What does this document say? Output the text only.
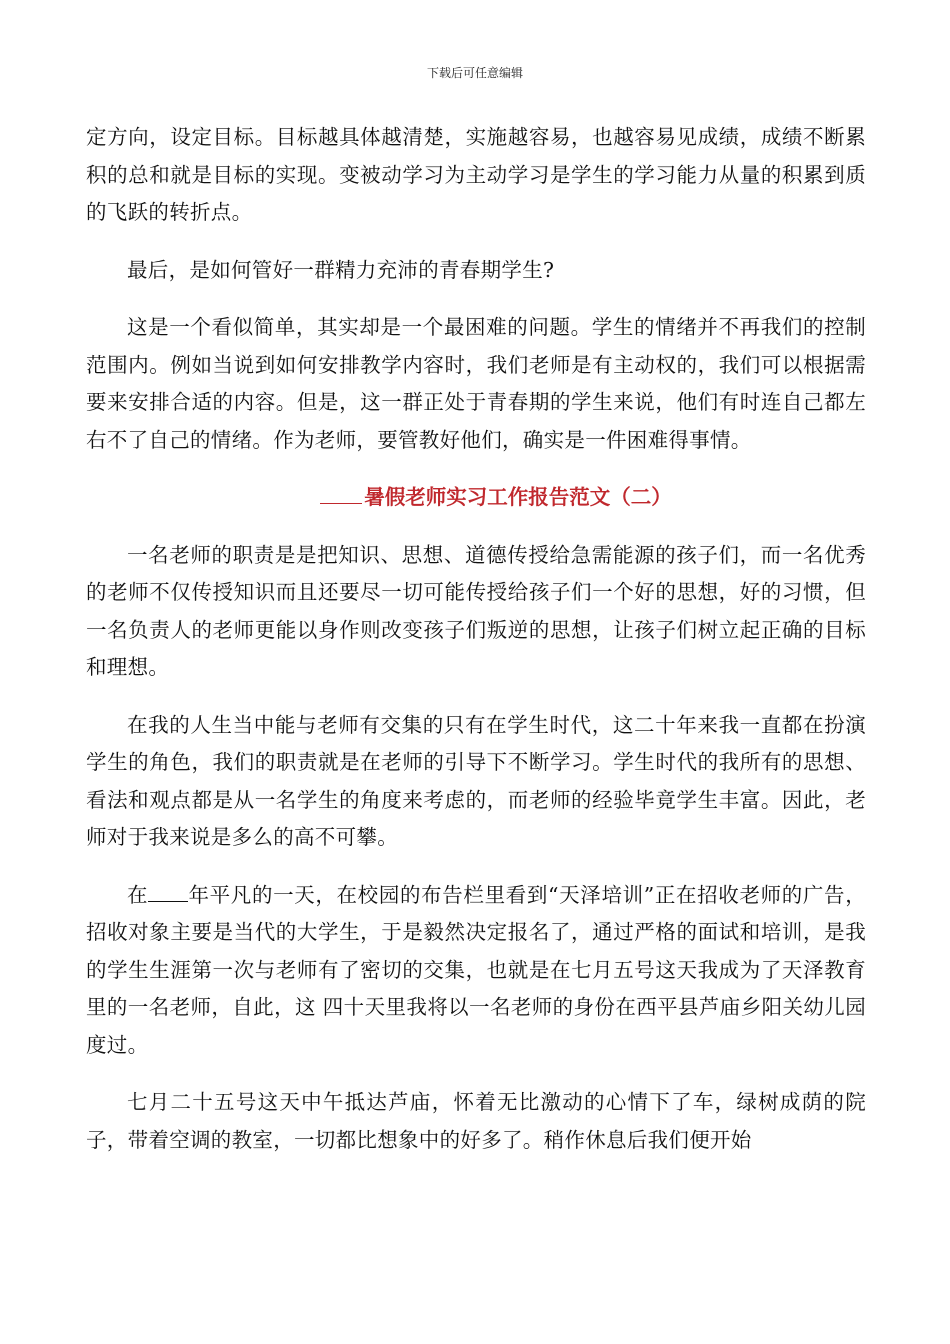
下载后可任意编辑

定方向，设定目标。目标越具体越清楚，实施越容易，也越容易见成绩，成绩不断累积的总和就是目标的实现。变被动学习为主动学习是学生的学习能力从量的积累到质的飞跃的转折点。

最后，是如何管好一群精力充沛的青春期学生?

这是一个看似简单，其实却是一个最困难的问题。学生的情绪并不再我们的控制范围内。例如当说到如何安排教学内容时，我们老师是有主动权的，我们可以根据需要来安排合适的内容。但是，这一群正处于青春期的学生来说，他们有时连自己都左右不了自己的情绪。作为老师，要管教好他们，确实是一件困难得事情。

暑假老师实习工作报告范文（二）

一名老师的职责是是把知识、思想、道德传授给急需能源的孩子们，而一名优秀的老师不仅传授知识而且还要尽一切可能传授给孩子们一个好的思想，好的习惯，但一名负责人的老师更能以身作则改变孩子们叛逆的思想，让孩子们树立起正确的目标和理想。

在我的人生当中能与老师有交集的只有在学生时代，这二十年来我一直都在扮演学生的角色，我们的职责就是在老师的引导下不断学习。学生时代的我所有的思想、看法和观点都是从一名学生的角度来考虑的，而老师的经验毕竟学生丰富。因此，老师对于我来说是多么的高不可攀。

在 年平凡的一天，在校园的布告栏里看到“天泽培训”正在招收老师的广告，招收对象主要是当代的大学生，于是毅然决定报名了，通过严格的面试和培训，是我的学生生涯第一次与老师有了密切的交集，也就是在七月五号这天我成为了天泽教育里的一名老师，自此，这 四十天里我将以一名老师的身份在西平县芦庙乡阳关幼儿园度过。

七月二十五号这天中午抵达芦庙，怀着无比激动的心情下了车，绿树成荫的院子，带着空调的教室，一切都比想象中的好多了。稍作休息后我们便开始
